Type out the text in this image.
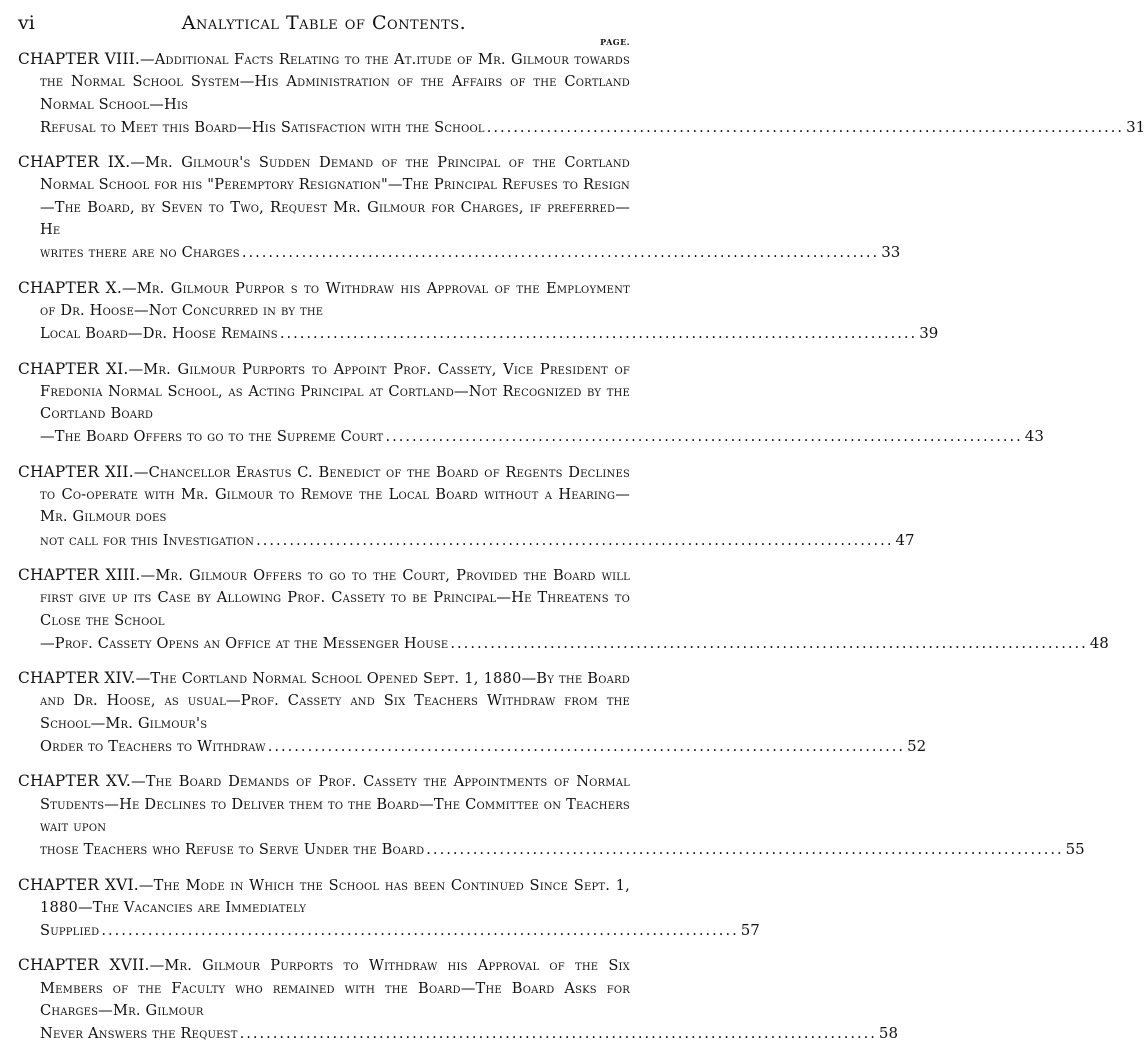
vi	Analytical Table of Contents.
PAGE.
CHAPTER VIII.—Additional Facts Relating to the At.itude of Mr. Gilmour towards the Normal School System—His Administration of the Affairs of the Cortland Normal School—His
Refusal to Meet this Board—His Satisfaction with the School ................................................................................................ 31
CHAPTER IX.—Mr. Gilmour's Sudden Demand of the Principal of the Cortland Normal School for his "Peremptory Resignation"—The Principal Refuses to Resign—The Board, by Seven to Two, Request Mr. Gilmour for Charges, if preferred—He
writes there are no Charges ................................................................................................ 33
CHAPTER X.—Mr. Gilmour Purpor s to Withdraw his Approval of the Employment of Dr. Hoose—Not Concurred in by the
Local Board—Dr. Hoose Remains ................................................................................................ 39
CHAPTER XI.—Mr. Gilmour Purports to Appoint Prof. Cassety, Vice President of Fredonia Normal School, as Acting Principal at Cortland—Not Recognized by the Cortland Board
—The Board Offers to go to the Supreme Court ................................................................................................ 43
CHAPTER XII.—Chancellor Erastus C. Benedict of the Board of Regents Declines to Co-operate with Mr. Gilmour to Remove the Local Board without a Hearing—Mr. Gilmour does
not call for this Investigation ................................................................................................ 47
CHAPTER XIII.—Mr. Gilmour Offers to go to the Court, Provided the Board will first give up its Case by Allowing Prof. Cassety to be Principal—He Threatens to Close the School
—Prof. Cassety Opens an Office at the Messenger House ................................................................................................ 48
CHAPTER XIV.—The Cortland Normal School Opened Sept. 1, 1880—By the Board and Dr. Hoose, as usual—Prof. Cassety and Six Teachers Withdraw from the School—Mr. Gilmour's
Order to Teachers to Withdraw ................................................................................................ 52
CHAPTER XV.—The Board Demands of Prof. Cassety the Appointments of Normal Students—He Declines to Deliver them to the Board—The Committee on Teachers wait upon
those Teachers who Refuse to Serve Under the Board ................................................................................................ 55
CHAPTER XVI.—The Mode in Which the School has been Continued Since Sept. 1, 1880—The Vacancies are Immediately
Supplied ................................................................................................ 57
CHAPTER XVII.—Mr. Gilmour Purports to Withdraw his Approval of the Six Members of the Faculty who remained with the Board—The Board Asks for Charges—Mr. Gilmour
Never Answers the Request ................................................................................................ 58
